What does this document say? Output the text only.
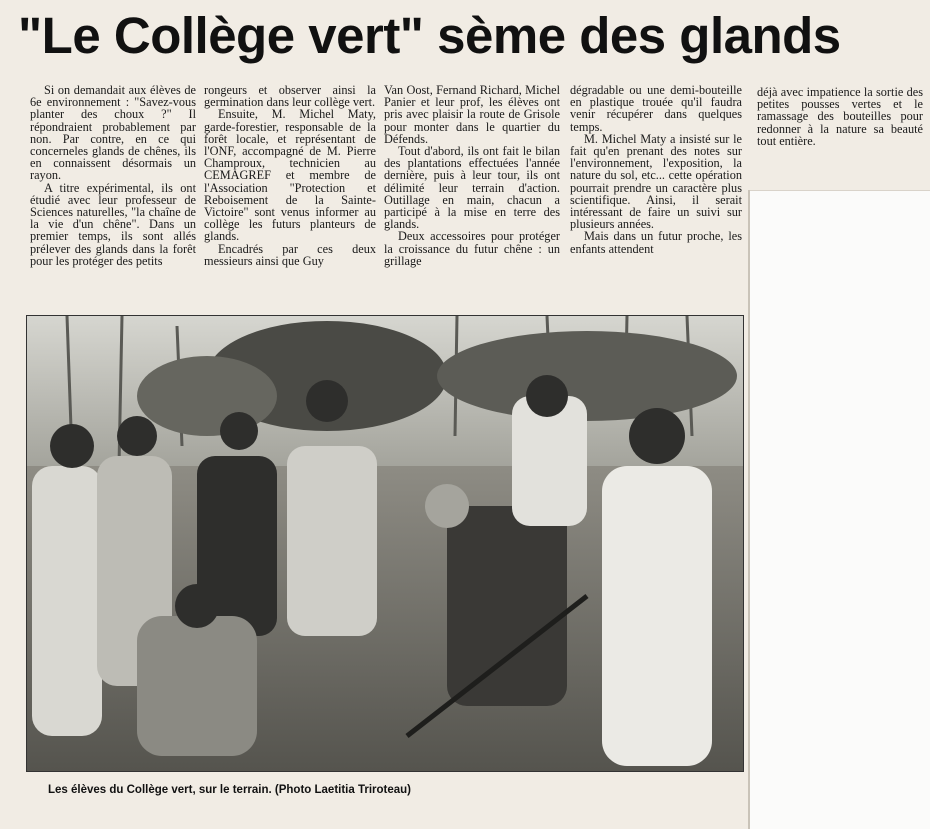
"Le Collège vert" sème des glands

Si on demandait aux élèves de 6e environnement : "Savez-vous planter des choux ?" Il répondraient probablement par non. Par contre, en ce qui concerneles glands de chênes, ils en connaissent désormais un rayon.

A titre expérimental, ils ont étudié avec leur professeur de Sciences naturelles, "la chaîne de la vie d'un chêne". Dans un premier temps, ils sont allés prélever des glands dans la forêt pour les protéger des petits

rongeurs et observer ainsi la germination dans leur collège vert.

Ensuite, M. Michel Maty, garde-forestier, responsable de la forêt locale, et représentant de l'ONF, accompagné de M. Pierre Champroux, technicien au CEMAGREF et membre de l'Association "Protection et Reboisement de la Sainte-Victoire" sont venus informer au collège les futurs planteurs de glands.

Encadrés par ces deux messieurs ainsi que Guy

Van Oost, Fernand Richard, Michel Panier et leur prof, les élèves ont pris avec plaisir la route de Grisole pour monter dans le quartier du Défends.

Tout d'abord, ils ont fait le bilan des plantations effectuées l'année dernière, puis à leur tour, ils ont délimité leur terrain d'action. Outillage en main, chacun a participé à la mise en terre des glands.

Deux accessoires pour protéger la croissance du futur chêne : un grillage

dégradable ou une demi-bouteille en plastique trouée qu'il faudra venir récupérer dans quelques temps.

M. Michel Maty a insisté sur le fait qu'en prenant des notes sur l'environnement, l'exposition, la nature du sol, etc... cette opération pourrait prendre un caractère plus scientifique. Ainsi, il serait intéressant de faire un suivi sur plusieurs années.

Mais dans un futur proche, les enfants attendent

déjà avec impatience la sortie des petites pousses vertes et le ramassage des bouteilles pour redonner à la nature sa beauté tout entière.

Les élèves du Collège vert, sur le terrain. (Photo Laetitia Triroteau)
